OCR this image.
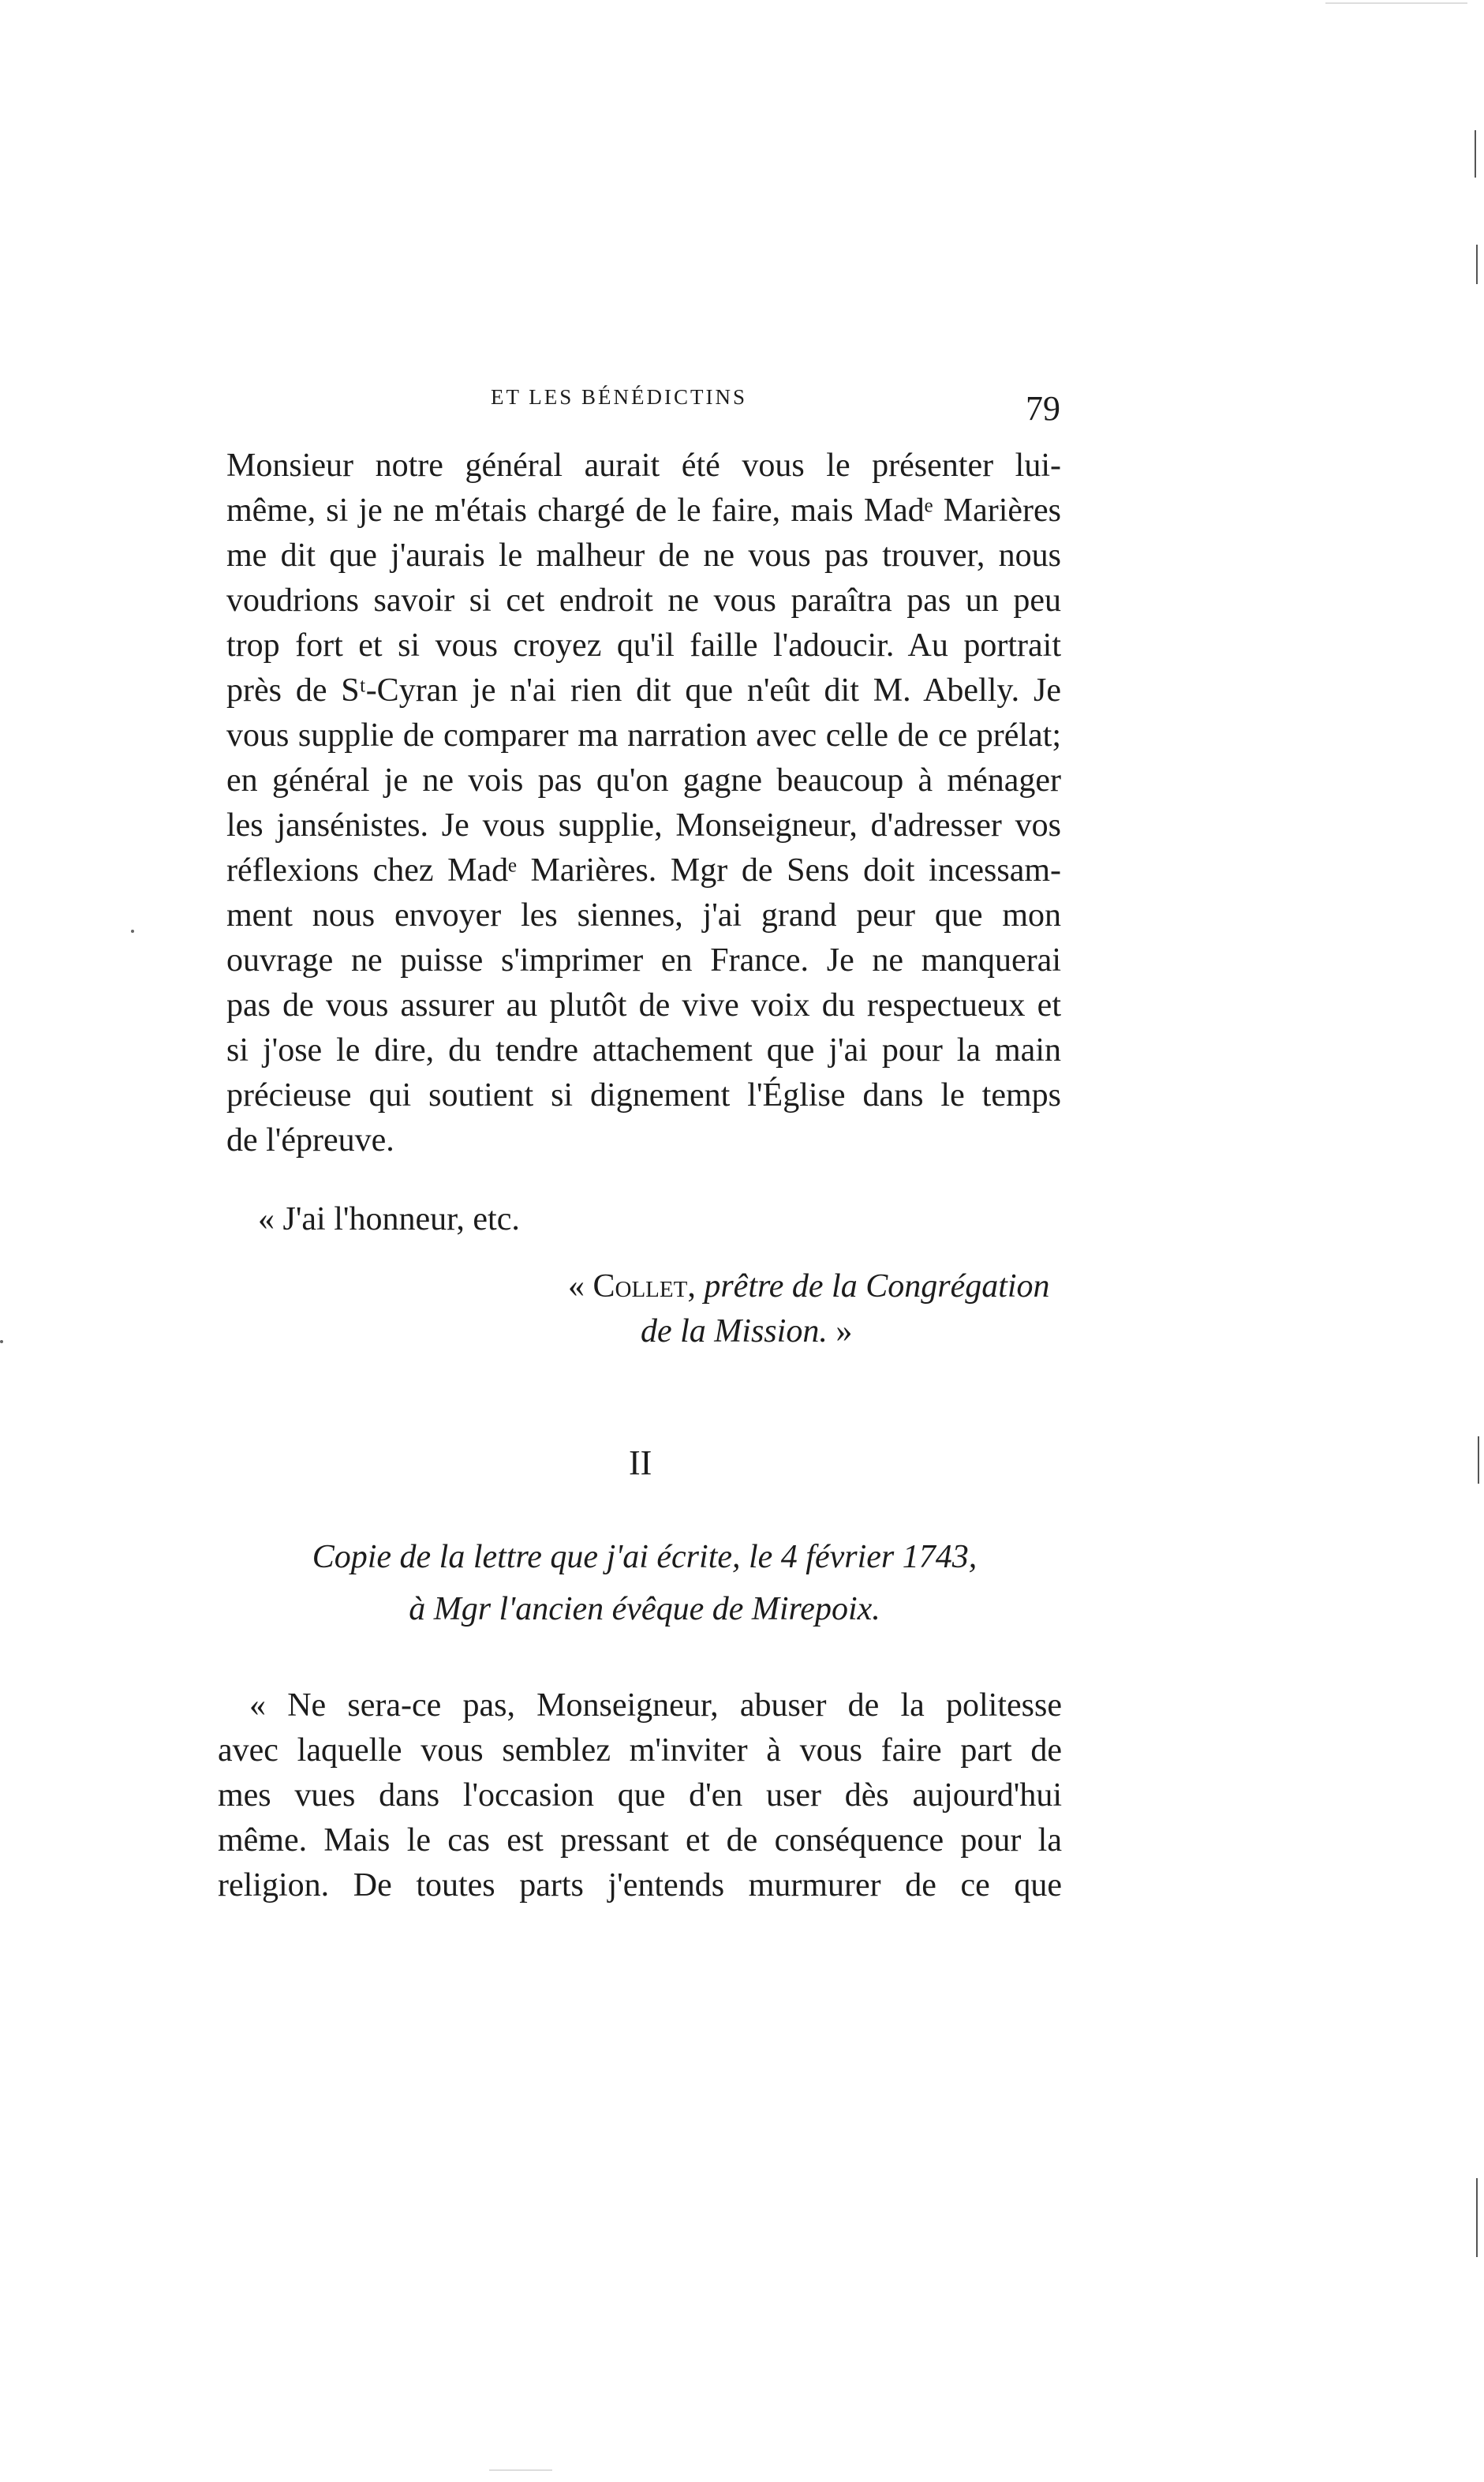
ET LES BÉNÉDICTINS	79
Monsieur notre général aurait été vous le présenter lui-
même, si je ne m'étais chargé de le faire, mais Madᵉ Marières
me dit que j'aurais le malheur de ne vous pas trouver, nous
voudrions savoir si cet endroit ne vous paraîtra pas un peu
trop fort et si vous croyez qu'il faille l'adoucir. Au portrait
près de Sᵗ-Cyran je n'ai rien dit que n'eût dit M. Abelly. Je
vous supplie de comparer ma narration avec celle de ce prélat;
en général je ne vois pas qu'on gagne beaucoup à ménager
les jansénistes. Je vous supplie, Monseigneur, d'adresser vos
réflexions chez Madᵉ Marières. Mgr de Sens doit incessam-
ment nous envoyer les siennes, j'ai grand peur que mon
ouvrage ne puisse s'imprimer en France. Je ne manquerai
pas de vous assurer au plutôt de vive voix du respectueux et
si j'ose le dire, du tendre attachement que j'ai pour la main
précieuse qui soutient si dignement l'Église dans le temps
de l'épreuve.
« J'ai l'honneur, etc.
« Collet, prêtre de la Congrégation
de la Mission. »
II
Copie de la lettre que j'ai écrite, le 4 février 1743,
à Mgr l'ancien évêque de Mirepoix.
« Ne sera-ce pas, Monseigneur, abuser de la politesse
avec laquelle vous semblez m'inviter à vous faire part de
mes vues dans l'occasion que d'en user dès aujourd'hui
même. Mais le cas est pressant et de conséquence pour la
religion. De toutes parts j'entends murmurer de ce que
